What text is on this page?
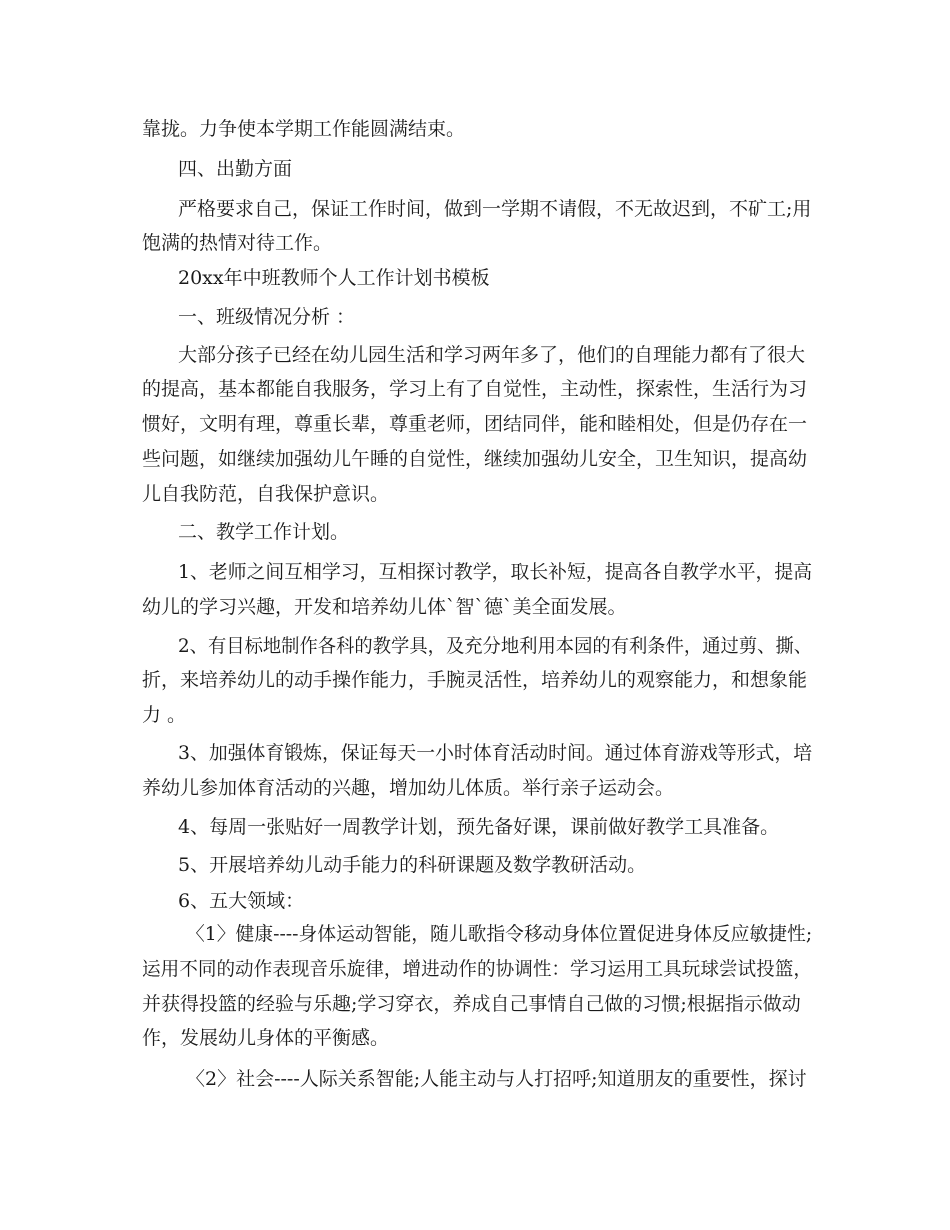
靠拢。力争使本学期工作能圆满结束。
四、出勤方面
严格要求自己，保证工作时间，做到一学期不请假，不无故迟到，不矿工;用
饱满的热情对待工作。
20xx年中班教师个人工作计划书模板
一、班级情况分析 ：
大部分孩子已经在幼儿园生活和学习两年多了，他们的自理能力都有了很大
的提高，基本都能自我服务，学习上有了自觉性，主动性，探索性，生活行为习
惯好，文明有理，尊重长辈，尊重老师，团结同伴，能和睦相处，但是仍存在一
些问题，如继续加强幼儿午睡的自觉性，继续加强幼儿安全，卫生知识，提高幼
儿自我防范，自我保护意识。
二、教学工作计划。
1、老师之间互相学习，互相探讨教学，取长补短，提高各自教学水平，提高
幼儿的学习兴趣，开发和培养幼儿体`智`德`美全面发展。
2、有目标地制作各科的教学具，及充分地利用本园的有利条件，通过剪、撕、
折，来培养幼儿的动手操作能力，手腕灵活性，培养幼儿的观察能力，和想象能
力 。
3、加强体育锻炼，保证每天一小时体育活动时间。通过体育游戏等形式，培
养幼儿参加体育活动的兴趣，增加幼儿体质。举行亲子运动会。
4、每周一张贴好一周教学计划，预先备好课，课前做好教学工具准备。
5、开展培养幼儿动手能力的科研课题及数学教研活动。
6、五大领域：
〈1〉健康----身体运动智能，随儿歌指令移动身体位置促进身体反应敏捷性;
运用不同的动作表现音乐旋律，增进动作的协调性：学习运用工具玩球尝试投篮，
并获得投篮的经验与乐趣;学习穿衣，养成自己事情自己做的习惯;根据指示做动
作，发展幼儿身体的平衡感。
〈2〉社会----人际关系智能;人能主动与人打招呼;知道朋友的重要性，探讨
